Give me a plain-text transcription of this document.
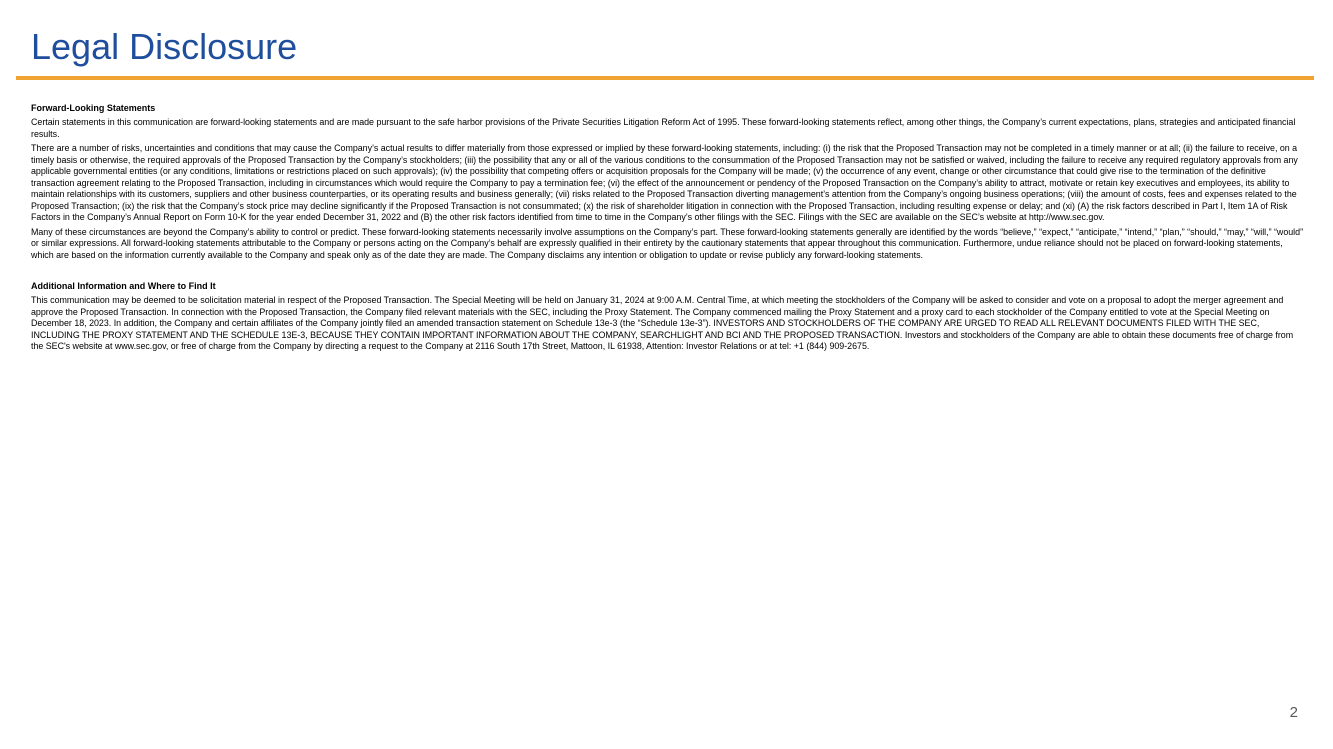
Legal Disclosure

Forward-Looking Statements

Certain statements in this communication are forward-looking statements and are made pursuant to the safe harbor provisions of the Private Securities Litigation Reform Act of 1995. These forward-looking statements reflect, among other things, the Company’s current expectations, plans, strategies and anticipated financial results.

There are a number of risks, uncertainties and conditions that may cause the Company’s actual results to differ materially from those expressed or implied by these forward-looking statements, including: (i) the risk that the Proposed Transaction may not be completed in a timely manner or at all; (ii) the failure to receive, on a timely basis or otherwise, the required approvals of the Proposed Transaction by the Company’s stockholders; (iii) the possibility that any or all of the various conditions to the consummation of the Proposed Transaction may not be satisfied or waived, including the failure to receive any required regulatory approvals from any applicable governmental entities (or any conditions, limitations or restrictions placed on such approvals); (iv) the possibility that competing offers or acquisition proposals for the Company will be made; (v) the occurrence of any event, change or other circumstance that could give rise to the termination of the definitive transaction agreement relating to the Proposed Transaction, including in circumstances which would require the Company to pay a termination fee; (vi) the effect of the announcement or pendency of the Proposed Transaction on the Company’s ability to attract, motivate or retain key executives and employees, its ability to maintain relationships with its customers, suppliers and other business counterparties, or its operating results and business generally; (vii) risks related to the Proposed Transaction diverting management’s attention from the Company’s ongoing business operations; (viii) the amount of costs, fees and expenses related to the Proposed Transaction; (ix) the risk that the Company’s stock price may decline significantly if the Proposed Transaction is not consummated; (x) the risk of shareholder litigation in connection with the Proposed Transaction, including resulting expense or delay; and (xi) (A) the risk factors described in Part I, Item 1A of Risk Factors in the Company’s Annual Report on Form 10-K for the year ended December 31, 2022 and (B) the other risk factors identified from time to time in the Company’s other filings with the SEC. Filings with the SEC are available on the SEC’s website at http://www.sec.gov.

Many of these circumstances are beyond the Company’s ability to control or predict. These forward-looking statements necessarily involve assumptions on the Company’s part. These forward-looking statements generally are identified by the words “believe,” “expect,” “anticipate,” “intend,” “plan,” “should,” “may,” “will,” “would” or similar expressions. All forward-looking statements attributable to the Company or persons acting on the Company’s behalf are expressly qualified in their entirety by the cautionary statements that appear throughout this communication. Furthermore, undue reliance should not be placed on forward-looking statements, which are based on the information currently available to the Company and speak only as of the date they are made. The Company disclaims any intention or obligation to update or revise publicly any forward-looking statements.

Additional Information and Where to Find It

This communication may be deemed to be solicitation material in respect of the Proposed Transaction. The Special Meeting will be held on January 31, 2024 at 9:00 A.M. Central Time, at which meeting the stockholders of the Company will be asked to consider and vote on a proposal to adopt the merger agreement and approve the Proposed Transaction. In connection with the Proposed Transaction, the Company filed relevant materials with the SEC, including the Proxy Statement. The Company commenced mailing the Proxy Statement and a proxy card to each stockholder of the Company entitled to vote at the Special Meeting on December 18, 2023. In addition, the Company and certain affiliates of the Company jointly filed an amended transaction statement on Schedule 13e-3 (the “Schedule 13e-3”). INVESTORS AND STOCKHOLDERS OF THE COMPANY ARE URGED TO READ ALL RELEVANT DOCUMENTS FILED WITH THE SEC, INCLUDING THE PROXY STATEMENT AND THE SCHEDULE 13E-3, BECAUSE THEY CONTAIN IMPORTANT INFORMATION ABOUT THE COMPANY, SEARCHLIGHT AND BCI AND THE PROPOSED TRANSACTION. Investors and stockholders of the Company are able to obtain these documents free of charge from the SEC's website at www.sec.gov, or free of charge from the Company by directing a request to the Company at 2116 South 17th Street, Mattoon, IL 61938, Attention: Investor Relations or at tel: +1 (844) 909-2675.

2
